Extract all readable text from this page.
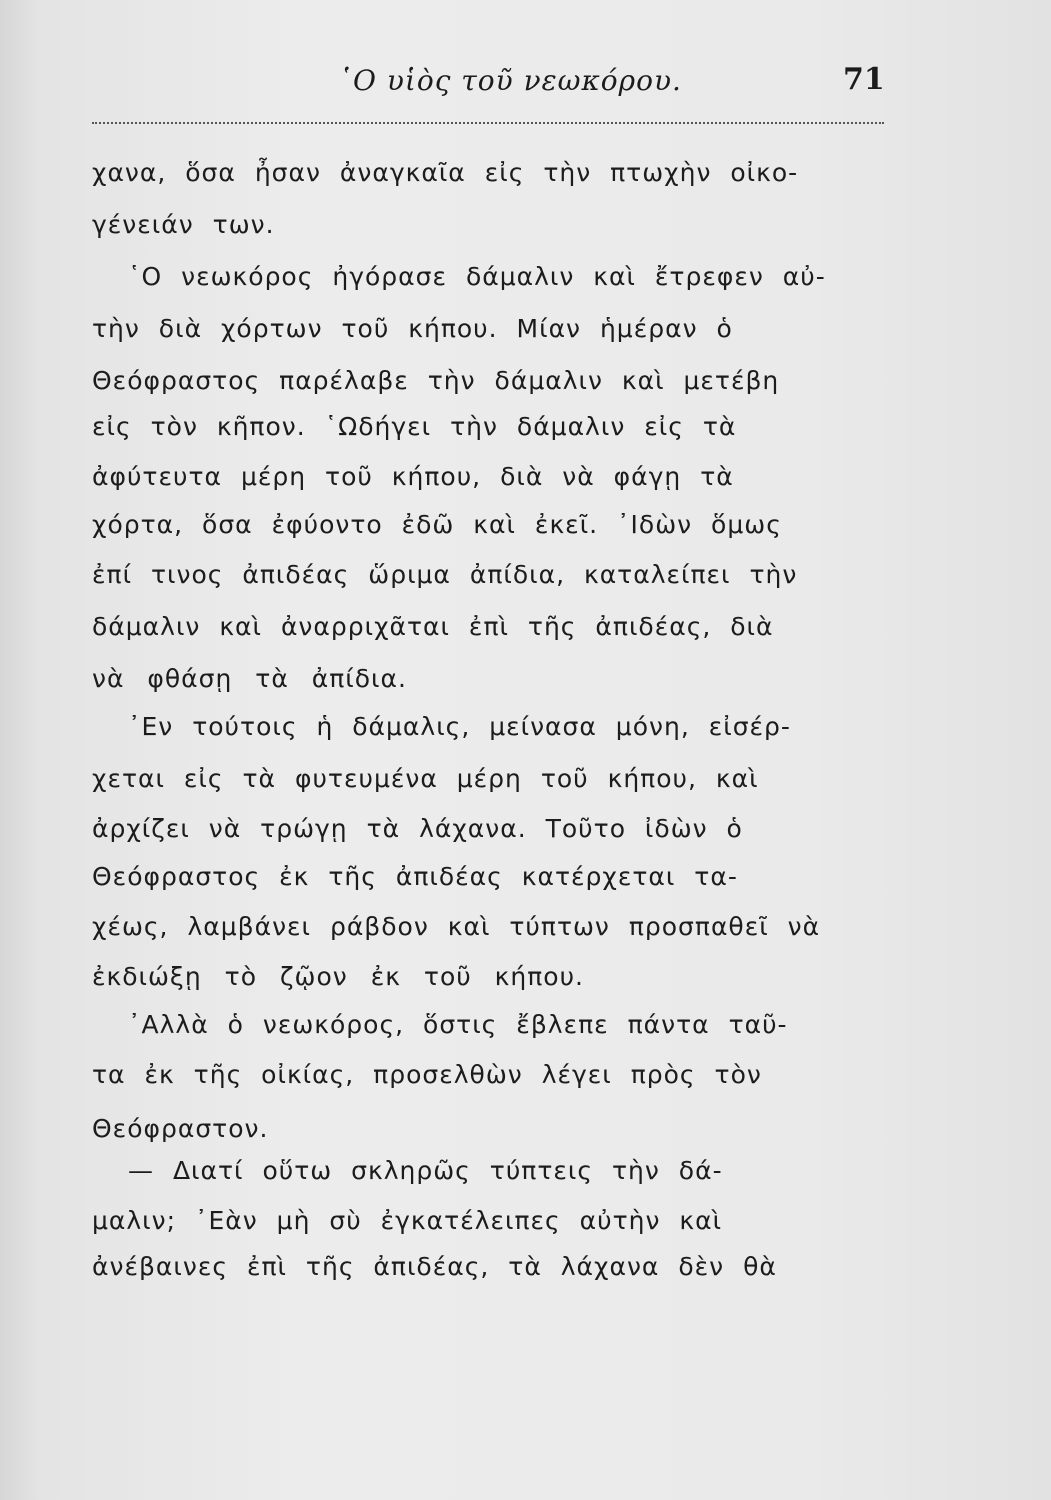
῾Ο υἱὸς τοῦ νεωκόρου.	71
χανα, ὅσα ἦσαν ἀναγκαῖα εἰς τὴν πτωχὴν οἰκο-
γένειάν των.
῾Ο νεωκόρος ἠγόρασε δάμαλιν καὶ ἔτρεφεν αὐ-
τὴν διὰ χόρτων τοῦ κήπου. Μίαν ἡμέραν ὁ
Θεόφραστος παρέλαβε τὴν δάμαλιν καὶ μετέβη
εἰς τὸν κῆπον. ῾Ωδήγει τὴν δάμαλιν εἰς τὰ
ἀφύτευτα μέρη τοῦ κήπου, διὰ νὰ φάγῃ τὰ
χόρτα, ὅσα ἐφύοντο ἐδῶ καὶ ἐκεῖ. ᾽Ιδὼν ὅμως
ἐπί τινος ἀπιδέας ὥριμα ἀπίδια, καταλείπει τὴν
δάμαλιν καὶ ἀναρριχᾶται ἐπὶ τῆς ἀπιδέας, διὰ
νὰ φθάσῃ τὰ ἀπίδια.
᾽Εν τούτοις ἡ δάμαλις, μείνασα μόνη, εἰσέρ-
χεται εἰς τὰ φυτευμένα μέρη τοῦ κήπου, καὶ
ἀρχίζει νὰ τρώγῃ τὰ λάχανα. Τοῦτο ἰδὼν ὁ
Θεόφραστος ἐκ τῆς ἀπιδέας κατέρχεται τα-
χέως, λαμβάνει ράβδον καὶ τύπτων προσπαθεῖ νὰ
ἐκδιώξῃ τὸ ζῷον ἐκ τοῦ κήπου.
᾽Αλλὰ ὁ νεωκόρος, ὅστις ἔβλεπε πάντα ταῦ-
τα ἐκ τῆς οἰκίας, προσελθὼν λέγει πρὸς τὸν
Θεόφραστον.
— Διατί οὕτω σκληρῶς τύπτεις τὴν δά-
μαλιν; ᾽Εὰν μὴ σὺ ἐγκατέλειπες αὐτὴν καὶ
ἀνέβαινες ἐπὶ τῆς ἀπιδέας, τὰ λάχανα δὲν θὰ
